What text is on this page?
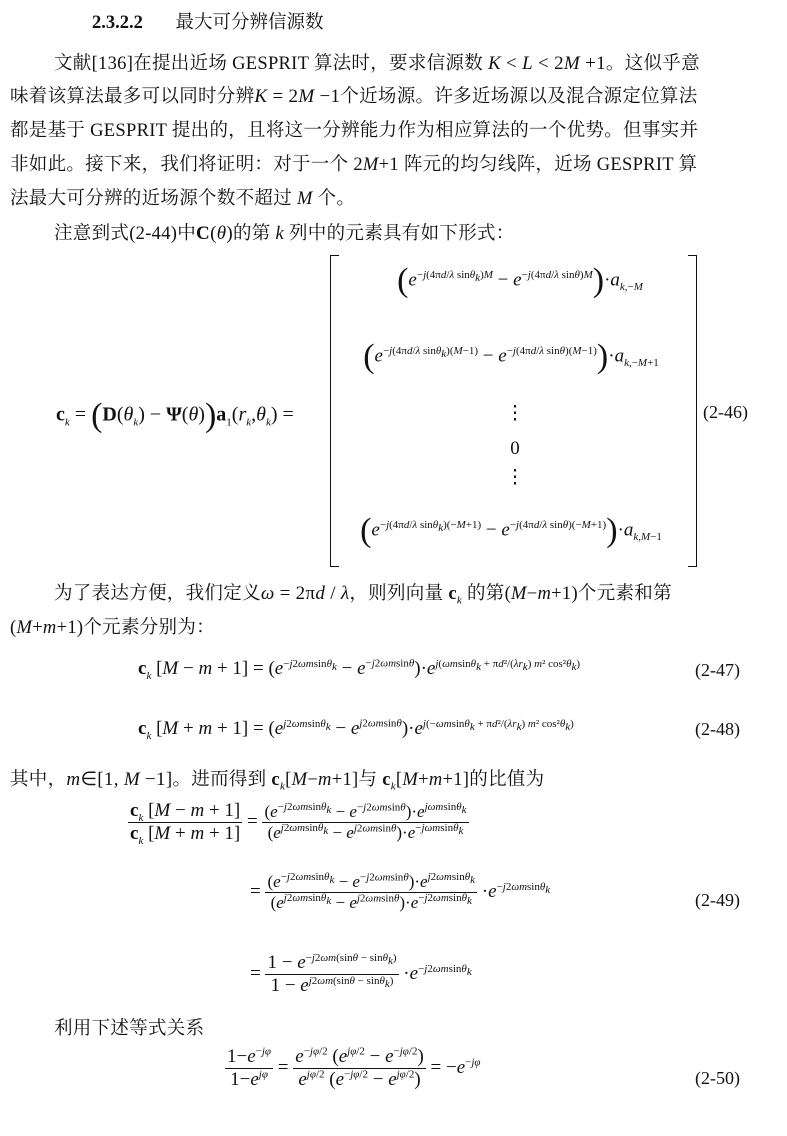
2.3.2.2 最大可分辨信源数
文献[136]在提出近场 GESPRIT 算法时，要求信源数 K < L < 2M +1。这似乎意
味着该算法最多可以同时分辨K = 2M −1个近场源。许多近场源以及混合源定位算法
都是基于 GESPRIT 提出的，且将这一分辨能力作为相应算法的一个优势。但事实并
非如此。接下来，我们将证明：对于一个 2M+1 阵元的均匀线阵，近场 GESPRIT 算
法最大可分辨的近场源个数不超过 M 个。
注意到式(2-44)中C(θ)的第 k 列中的元素具有如下形式：
$c_k = (D(\theta_k) - \Psi(\theta))a_1(r_k,\theta_k)$ =
$(e^{-j(4\pi d/\lambda sin\theta_k)M} - e^{-j(4\pi d/\lambda sin\theta)M})\cdot a_{k,-M}$
$(e^{-j(4\pi d/\lambda sin\theta_k)(M-1)} - e^{-j(4\pi d/\lambda sin\theta)(M-1)})\cdot a_{k,-M+1}$
⋮
0
⋮
$(e^{-j(4\pi d/\lambda sin\theta_k)(-M+1)} - e^{-j(4\pi d/\lambda sin\theta)(-M+1)})\cdot a_{k,M-1}$
(2-46)
为了表达方便，我们定义ω = 2πd / λ，则列向量 $c_k$ 的第(M−m+1)个元素和第
(M+m+1)个元素分别为：
$c_k$ $[M - m + 1] = (e^{-j2\omega msin\theta_k} - e^{-j2\omega msin\theta})\cdot e^{j(\omega msin\theta_k + \pi d^2/(\lambda r_k) m^2 cos^2\theta_k)}$	(2-47)
$c_k$ $[M + m + 1] = (e^{j2\omega msin\theta_k} - e^{j2\omega msin\theta})\cdot e^{j(-\omega msin\theta_k + \pi d^2/(\lambda r_k) m^2 cos^2\theta_k)}$	(2-48)
其中，m∈[1, M −1]。进而得到 $c_k[M-m+1]$与 $c_k[M+m+1]$的比值为
$\frac{c_k [M - m + 1]}{c_k [M + m + 1]} = \frac{(e^{-j2\omega msin\theta_k} - e^{-j2\omega msin\theta})\cdot e^{j\omega msin\theta_k}}{(e^{j2\omega msin\theta_k} - e^{j2\omega msin\theta})\cdot e^{-j\omega msin\theta_k}}$
= $\frac{(e^{-j2\omega msin\theta_k} - e^{-j2\omega msin\theta})\cdot e^{j2\omega msin\theta_k}}{(e^{j2\omega msin\theta_k} - e^{j2\omega msin\theta})\cdot e^{-j2\omega msin\theta_k}} \cdot e^{-j2\omega msin\theta_k}$
(2-49)
= $\frac{1 - e^{-j2\omega m(sin\theta - sin\theta_k)}}{1 - e^{j2\omega m(sin\theta - sin\theta_k)}} \cdot e^{-j2\omega msin\theta_k}$
利用下述等式关系
$\frac{1-e^{-j\varphi}}{1-e^{j\varphi}} = \frac{e^{-j\varphi/2} (e^{j\varphi/2} - e^{-j\varphi/2})}{e^{j\varphi/2} (e^{-j\varphi/2} - e^{j\varphi/2})} = -e^{-j\varphi}$
(2-50)
